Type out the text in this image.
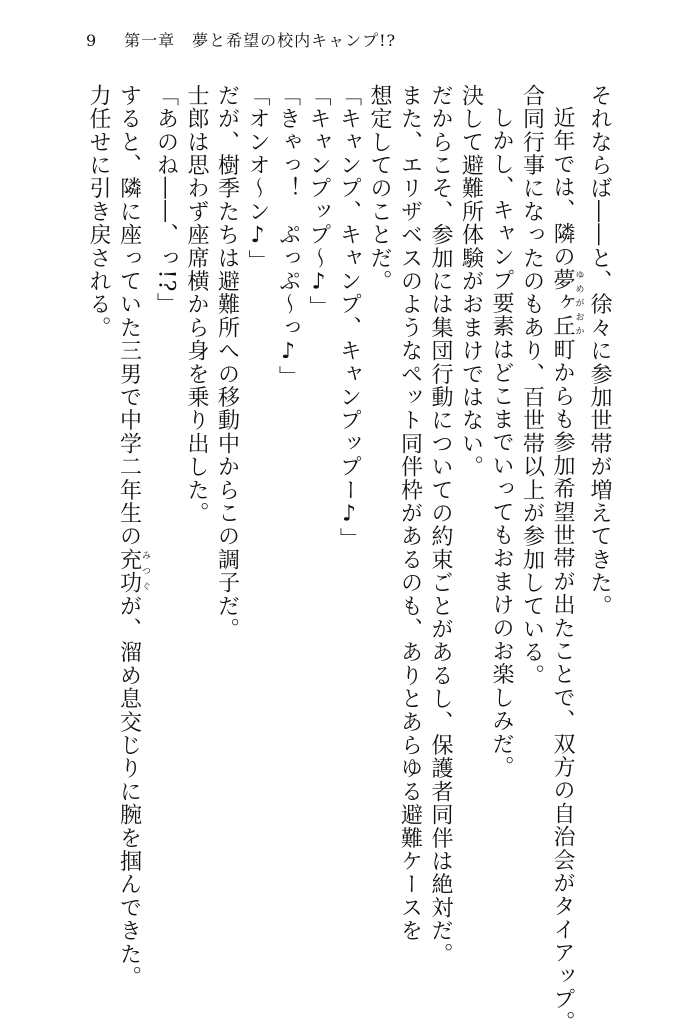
9 第一章　夢と希望の校内キャンプ!?

それならば――と、徐々に参加世帯が増えてきた。

近年では、隣の夢ヶ丘ゆめがおか町からも参加希望世帯が出たことで、双方の自治会がタイアップ。

合同行事になったのもあり、百世帯以上が参加している。

しかし、キャンプ要素はどこまでいってもおまけのお楽しみだ。

決して避難所体験がおまけではない。

だからこそ、参加には集団行動についての約束ごとがあるし、保護者同伴は絶対だ。

また、エリザベスのようなペット同伴枠があるのも、ありとあらゆる避難ケースを想定してのことだ。

「キャンプ、キャンプ、キャンプップー♪」

「キャンプップ〜♪」

「きゃっ！　ぷっぷ〜っ♪」

「オンオ〜ン♪」

だが、樹季たちは避難所への移動中からこの調子だ。

士郎は思わず座席横から身を乗り出した。

「あのね――、っ!?」

すると、隣に座っていた三男で中学二年生の充功みつぐが、溜め息交じりに腕を掴んできた。

力任せに引き戻される。
